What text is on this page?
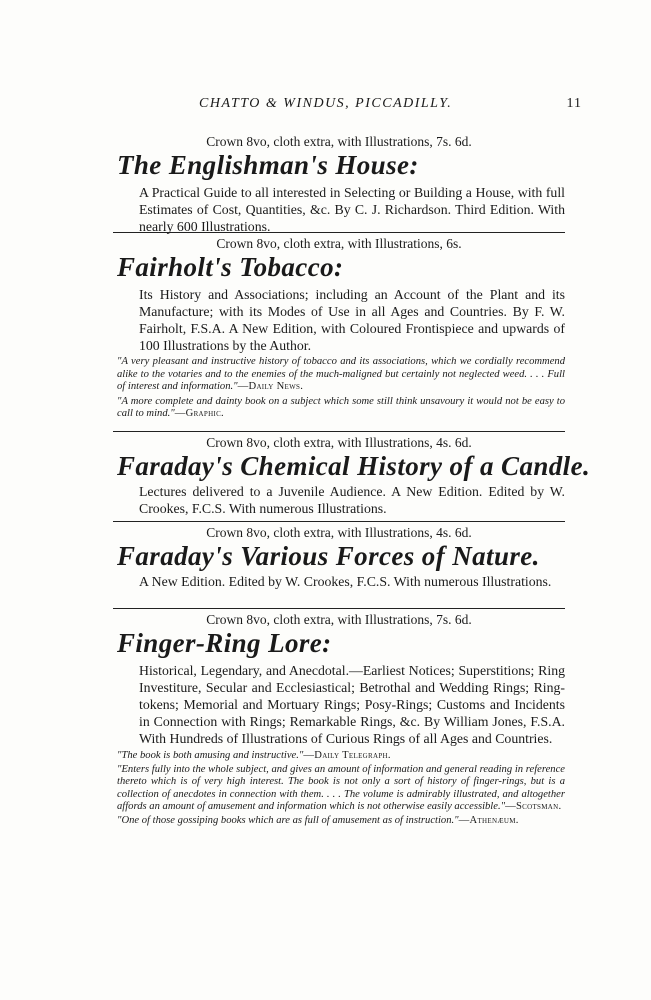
CHATTO & WINDUS, PICCADILLY.	11
Crown 8vo, cloth extra, with Illustrations, 7s. 6d.
The Englishman's House:
A Practical Guide to all interested in Selecting or Building a House, with full Estimates of Cost, Quantities, &c. By C. J. Richardson. Third Edition. With nearly 600 Illustrations.
Crown 8vo, cloth extra, with Illustrations, 6s.
Fairholt's Tobacco:
Its History and Associations; including an Account of the Plant and its Manufacture; with its Modes of Use in all Ages and Countries. By F. W. Fairholt, F.S.A. A New Edition, with Coloured Frontispiece and upwards of 100 Illustrations by the Author.
"A very pleasant and instructive history of tobacco and its associations, which we cordially recommend alike to the votaries and to the enemies of the much-maligned but certainly not neglected weed. . . . Full of interest and information."—Daily News.
"A more complete and dainty book on a subject which some still think unsavoury it would not be easy to call to mind."—Graphic.
Crown 8vo, cloth extra, with Illustrations, 4s. 6d.
Faraday's Chemical History of a Candle.
Lectures delivered to a Juvenile Audience. A New Edition. Edited by W. Crookes, F.C.S. With numerous Illustrations.
Crown 8vo, cloth extra, with Illustrations, 4s. 6d.
Faraday's Various Forces of Nature.
A New Edition. Edited by W. Crookes, F.C.S. With numerous Illustrations.
Crown 8vo, cloth extra, with Illustrations, 7s. 6d.
Finger-Ring Lore:
Historical, Legendary, and Anecdotal.—Earliest Notices; Superstitions; Ring Investiture, Secular and Ecclesiastical; Betrothal and Wedding Rings; Ring-tokens; Memorial and Mortuary Rings; Posy-Rings; Customs and Incidents in Connection with Rings; Remarkable Rings, &c. By William Jones, F.S.A. With Hundreds of Illustrations of Curious Rings of all Ages and Countries.
"The book is both amusing and instructive."—Daily Telegraph.
"Enters fully into the whole subject, and gives an amount of information and general reading in reference thereto which is of very high interest. The book is not only a sort of history of finger-rings, but is a collection of anecdotes in connection with them. . . . The volume is admirably illustrated, and altogether affords an amount of amusement and information which is not otherwise easily accessible."—Scotsman.
"One of those gossiping books which are as full of amusement as of instruction."—Athenæum.
